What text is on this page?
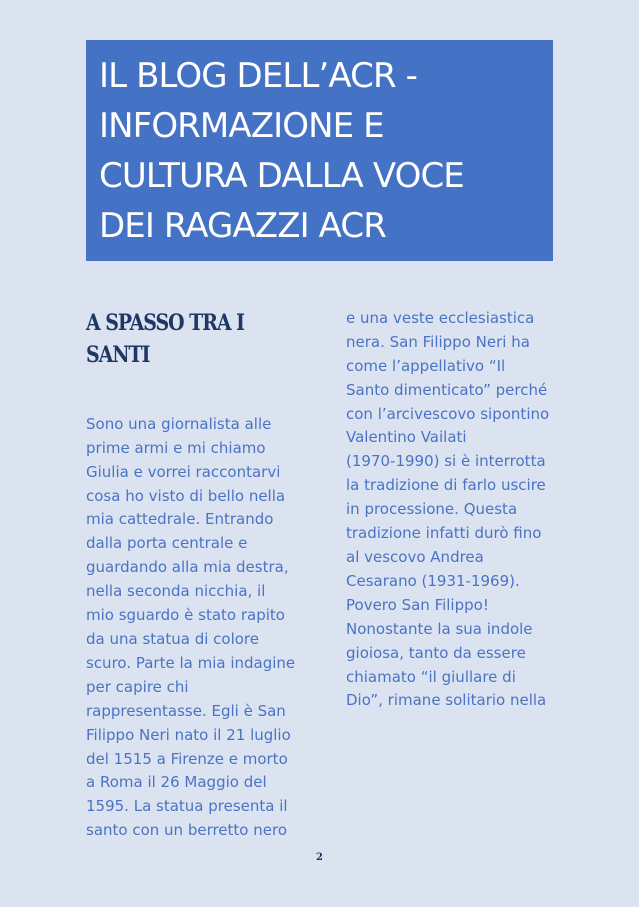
IL BLOG DELL’ACR -
INFORMAZIONE E
CULTURA DALLA VOCE
DEI RAGAZZI ACR

A SPASSO TRA I
SANTI

Sono una giornalista alle
prime armi e mi chiamo
Giulia e vorrei raccontarvi
cosa ho visto di bello nella
mia cattedrale. Entrando
dalla porta centrale e
guardando alla mia destra,
nella seconda nicchia, il
mio sguardo è stato rapito
da una statua di colore
scuro. Parte la mia indagine
per capire chi
rappresentasse. Egli è San
Filippo Neri nato il 21 luglio
del 1515 a Firenze e morto
a Roma il 26 Maggio del
1595. La statua presenta il
santo con un berretto nero

e una veste ecclesiastica
nera. San Filippo Neri ha
come l’appellativo “Il
Santo dimenticato” perché
con l’arcivescovo sipontino
Valentino Vailati
(1970-1990) si è interrotta
la tradizione di farlo uscire
in processione. Questa
tradizione infatti durò fino
al vescovo Andrea
Cesarano (1931-1969).
Povero San Filippo!
Nonostante la sua indole
gioiosa, tanto da essere
chiamato “il giullare di
Dio”, rimane solitario nella

2
